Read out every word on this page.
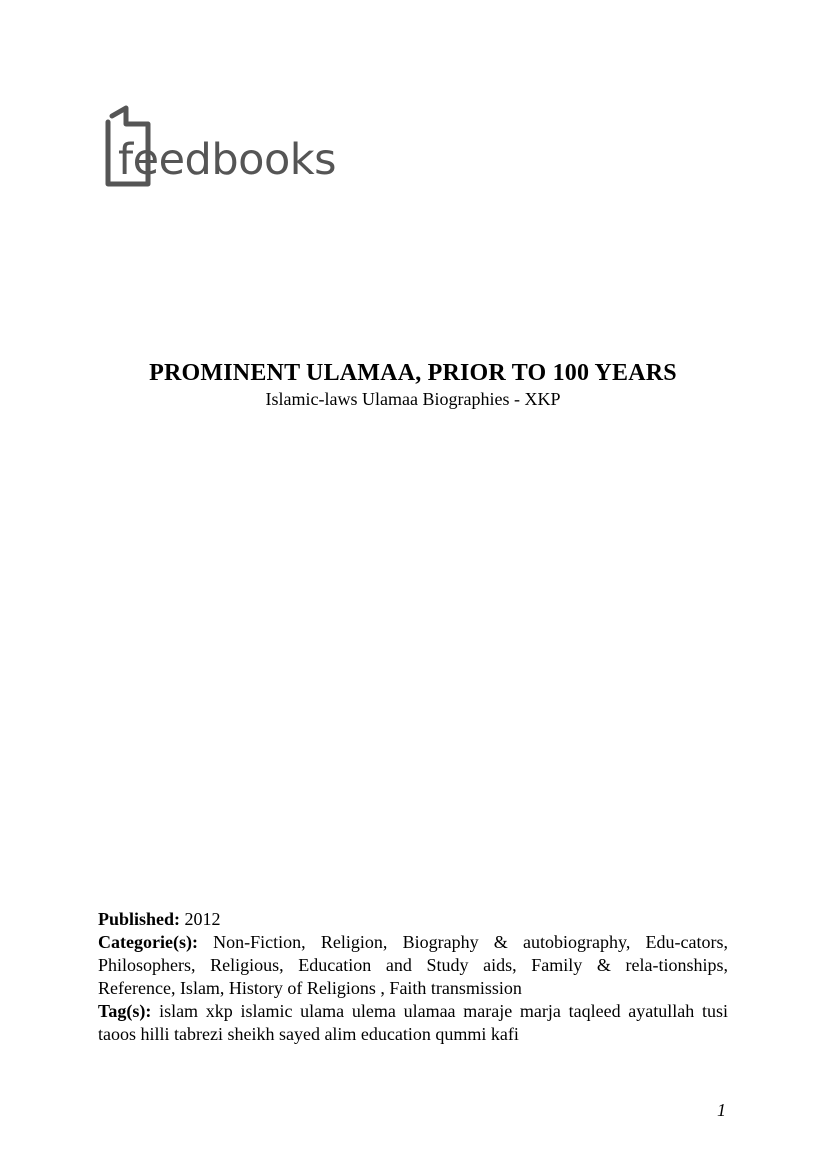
feedbooks
PROMINENT ULAMAA, PRIOR TO 100 YEARS

Islamic-laws Ulamaa Biographies - XKP

Published: 2012

Categorie(s): Non-Fiction, Religion, Biography & autobiography, Edu-cators, Philosophers, Religious, Education and Study aids, Family & rela-tionships, Reference, Islam, History of Religions , Faith transmission

Tag(s): islam xkp islamic ulama ulema ulamaa maraje marja taqleed ayatullah tusi taoos hilli tabrezi sheikh sayed alim education qummi kafi

1
